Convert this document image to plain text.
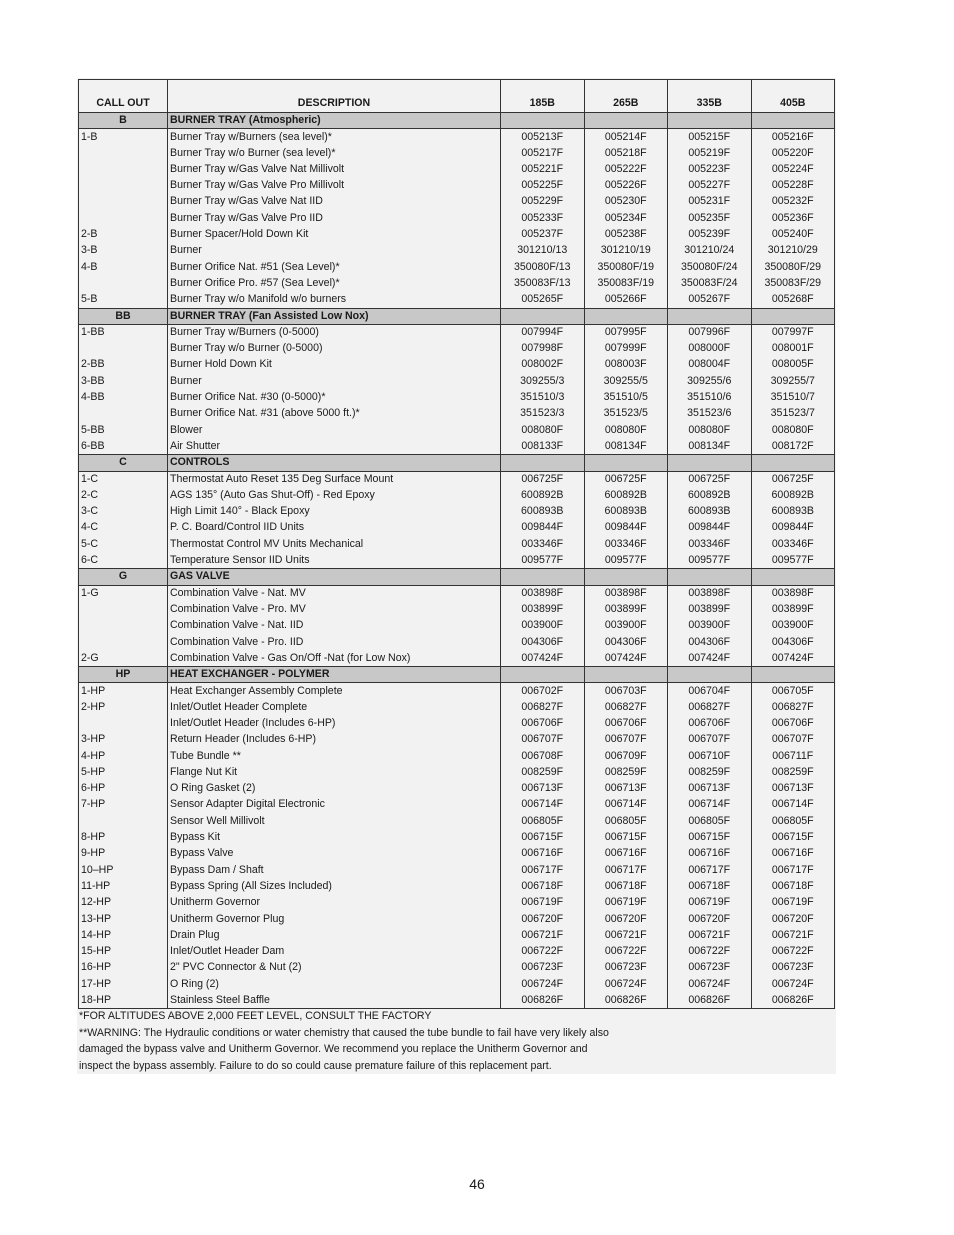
CALL OUT	DESCRIPTION	185B	265B	335B	405B
B	BURNER TRAY (Atmospheric)				
1-B	Burner Tray w/Burners (sea level)*	005213F	005214F	005215F	005216F
	Burner Tray w/o Burner (sea level)*	005217F	005218F	005219F	005220F
	Burner Tray w/Gas Valve Nat Millivolt	005221F	005222F	005223F	005224F
	Burner Tray w/Gas Valve Pro Millivolt	005225F	005226F	005227F	005228F
	Burner Tray w/Gas Valve Nat IID	005229F	005230F	005231F	005232F
	Burner Tray w/Gas Valve Pro IID	005233F	005234F	005235F	005236F
2-B	Burner Spacer/Hold Down Kit	005237F	005238F	005239F	005240F
3-B	Burner	301210/13	301210/19	301210/24	301210/29
4-B	Burner Orifice Nat. #51 (Sea Level)*	350080F/13	350080F/19	350080F/24	350080F/29
	Burner Orifice Pro. #57 (Sea Level)*	350083F/13	350083F/19	350083F/24	350083F/29
5-B	Burner Tray w/o Manifold w/o burners	005265F	005266F	005267F	005268F
BB	BURNER TRAY (Fan Assisted Low Nox)				
1-BB	Burner Tray w/Burners (0-5000)	007994F	007995F	007996F	007997F
	Burner Tray w/o Burner (0-5000)	007998F	007999F	008000F	008001F
2-BB	Burner Hold Down Kit	008002F	008003F	008004F	008005F
3-BB	Burner	309255/3	309255/5	309255/6	309255/7
4-BB	Burner Orifice Nat. #30 (0-5000)*	351510/3	351510/5	351510/6	351510/7
	Burner Orifice Nat. #31 (above 5000 ft.)*	351523/3	351523/5	351523/6	351523/7
5-BB	Blower	008080F	008080F	008080F	008080F
6-BB	Air Shutter	008133F	008134F	008134F	008172F
C	CONTROLS				
1-C	Thermostat Auto Reset 135 Deg Surface Mount	006725F	006725F	006725F	006725F
2-C	AGS 135° (Auto Gas Shut-Off) - Red Epoxy	600892B	600892B	600892B	600892B
3-C	High Limit 140° - Black Epoxy	600893B	600893B	600893B	600893B
4-C	P. C. Board/Control IID Units	009844F	009844F	009844F	009844F
5-C	Thermostat Control MV Units Mechanical	003346F	003346F	003346F	003346F
6-C	Temperature Sensor IID Units	009577F	009577F	009577F	009577F
G	GAS VALVE				
1-G	Combination Valve - Nat. MV	003898F	003898F	003898F	003898F
	Combination Valve - Pro. MV	003899F	003899F	003899F	003899F
	Combination Valve - Nat. IID	003900F	003900F	003900F	003900F
	Combination Valve - Pro. IID	004306F	004306F	004306F	004306F
2-G	Combination Valve - Gas On/Off -Nat (for Low Nox)	007424F	007424F	007424F	007424F
HP	HEAT EXCHANGER - POLYMER				
1-HP	Heat Exchanger Assembly Complete	006702F	006703F	006704F	006705F
2-HP	Inlet/Outlet Header Complete	006827F	006827F	006827F	006827F
	Inlet/Outlet Header (Includes 6-HP)	006706F	006706F	006706F	006706F
3-HP	Return Header (Includes 6-HP)	006707F	006707F	006707F	006707F
4-HP	Tube Bundle **	006708F	006709F	006710F	006711F
5-HP	Flange Nut Kit	008259F	008259F	008259F	008259F
6-HP	O Ring Gasket (2)	006713F	006713F	006713F	006713F
7-HP	Sensor Adapter Digital Electronic	006714F	006714F	006714F	006714F
	Sensor Well Millivolt	006805F	006805F	006805F	006805F
8-HP	Bypass Kit	006715F	006715F	006715F	006715F
9-HP	Bypass Valve	006716F	006716F	006716F	006716F
10–HP	Bypass Dam / Shaft	006717F	006717F	006717F	006717F
11-HP	Bypass Spring (All Sizes Included)	006718F	006718F	006718F	006718F
12-HP	Unitherm Governor	006719F	006719F	006719F	006719F
13-HP	Unitherm Governor Plug	006720F	006720F	006720F	006720F
14-HP	Drain Plug	006721F	006721F	006721F	006721F
15-HP	Inlet/Outlet Header Dam	006722F	006722F	006722F	006722F
16-HP	2" PVC Connector & Nut (2)	006723F	006723F	006723F	006723F
17-HP	O Ring (2)	006724F	006724F	006724F	006724F
18-HP	Stainless Steel Baffle	006826F	006826F	006826F	006826F

*FOR ALTITUDES ABOVE 2,000 FEET LEVEL, CONSULT THE FACTORY

**WARNING: The Hydraulic conditions or water chemistry that caused the tube bundle to fail have very likely also

damaged the bypass valve and Unitherm Governor. We recommend you replace the Unitherm Governor and

inspect the bypass assembly. Failure to do so could cause premature failure of this replacement part.

46
